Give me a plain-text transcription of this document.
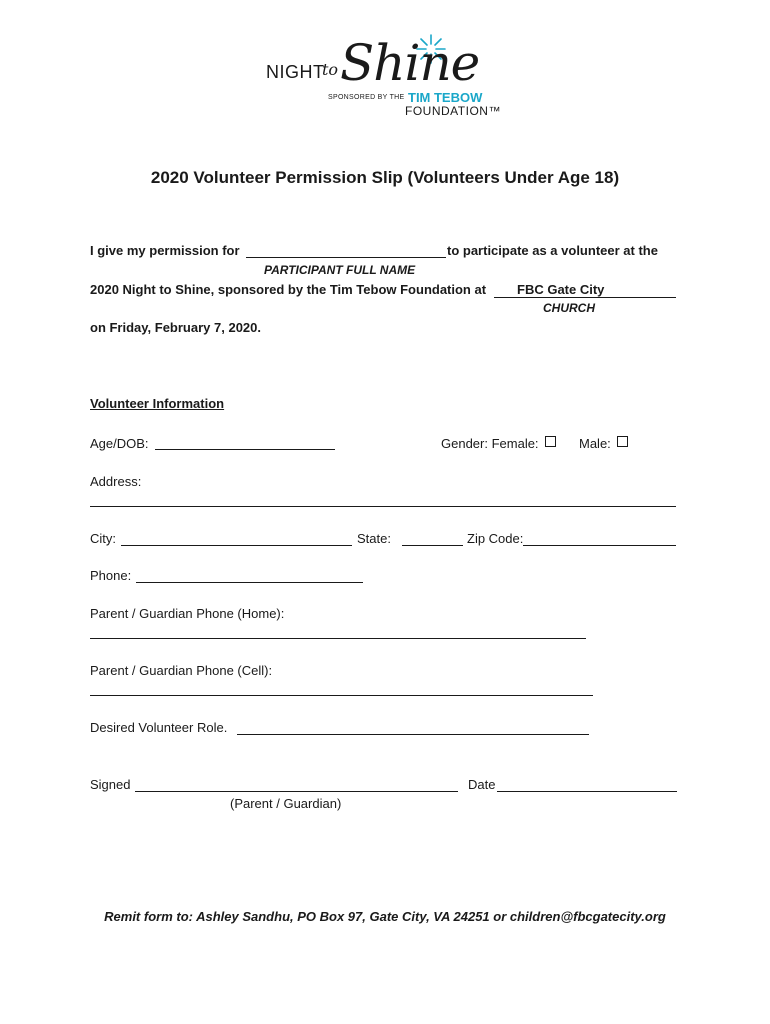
NIGHT
to Shine
SPONSORED BY THE TIM TEBOW
FOUNDATION™
2020 Volunteer Permission Slip (Volunteers Under Age 18)
I give my permission for	to participate as a volunteer at the
PARTICIPANT FULL NAME
2020 Night to Shine, sponsored by the Tim Tebow Foundation at FBC Gate City
CHURCH
on Friday, February 7, 2020.
Volunteer Information
Age/DOB:	Gender: Female:	Male:
Address:
City:	State:	Zip Code:
Phone:
Parent / Guardian Phone (Home):
Parent / Guardian Phone (Cell):
Desired Volunteer Role.
Signed	Date
(Parent / Guardian)
Remit form to: Ashley Sandhu, PO Box 97, Gate City, VA 24251 or children@fbcgatecity.org
